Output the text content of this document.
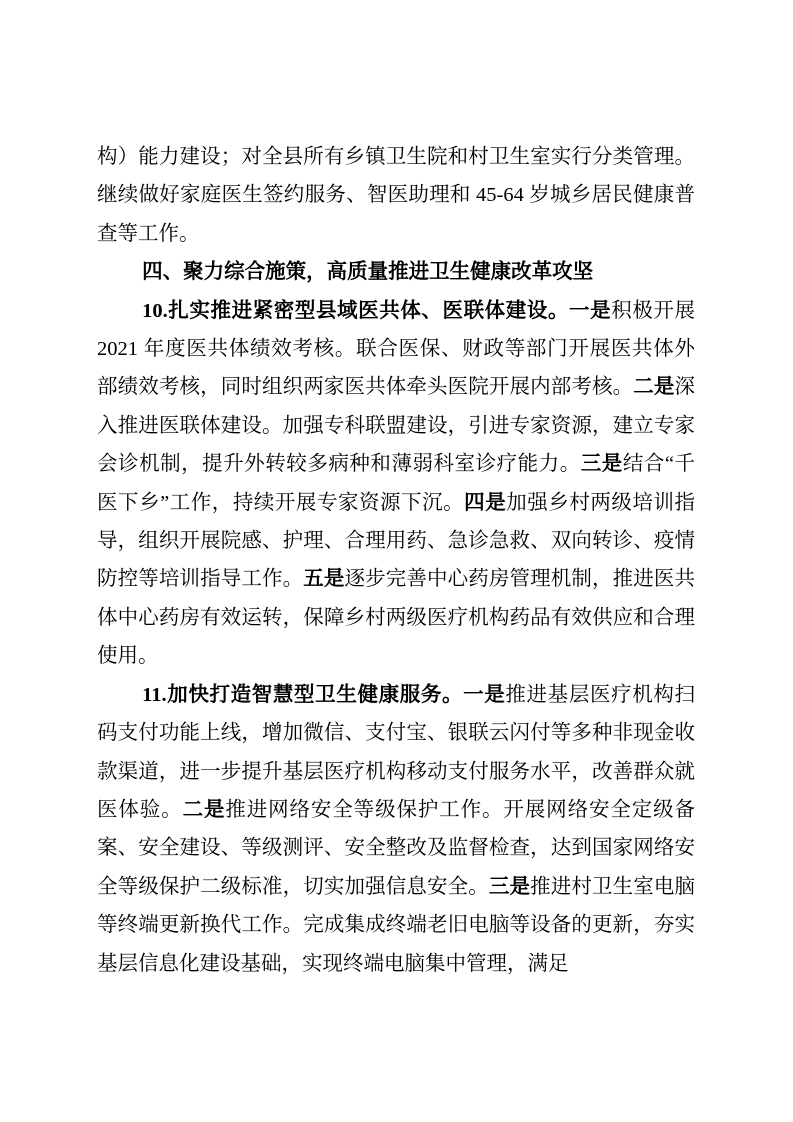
构）能力建设；对全县所有乡镇卫生院和村卫生室实行分类管理。继续做好家庭医生签约服务、智医助理和 45-64 岁城乡居民健康普查等工作。

四、聚力综合施策，高质量推进卫生健康改革攻坚

10.扎实推进紧密型县域医共体、医联体建设。一是积极开展 2021 年度医共体绩效考核。联合医保、财政等部门开展医共体外部绩效考核，同时组织两家医共体牵头医院开展内部考核。二是深入推进医联体建设。加强专科联盟建设，引进专家资源，建立专家会诊机制，提升外转较多病种和薄弱科室诊疗能力。三是结合“千医下乡”工作，持续开展专家资源下沉。四是加强乡村两级培训指导，组织开展院感、护理、合理用药、急诊急救、双向转诊、疫情防控等培训指导工作。五是逐步完善中心药房管理机制，推进医共体中心药房有效运转，保障乡村两级医疗机构药品有效供应和合理使用。

11.加快打造智慧型卫生健康服务。一是推进基层医疗机构扫码支付功能上线，增加微信、支付宝、银联云闪付等多种非现金收款渠道，进一步提升基层医疗机构移动支付服务水平，改善群众就医体验。二是推进网络安全等级保护工作。开展网络安全定级备案、安全建设、等级测评、安全整改及监督检查，达到国家网络安全等级保护二级标准，切实加强信息安全。三是推进村卫生室电脑等终端更新换代工作。完成集成终端老旧电脑等设备的更新，夯实基层信息化建设基础，实现终端电脑集中管理，满足
